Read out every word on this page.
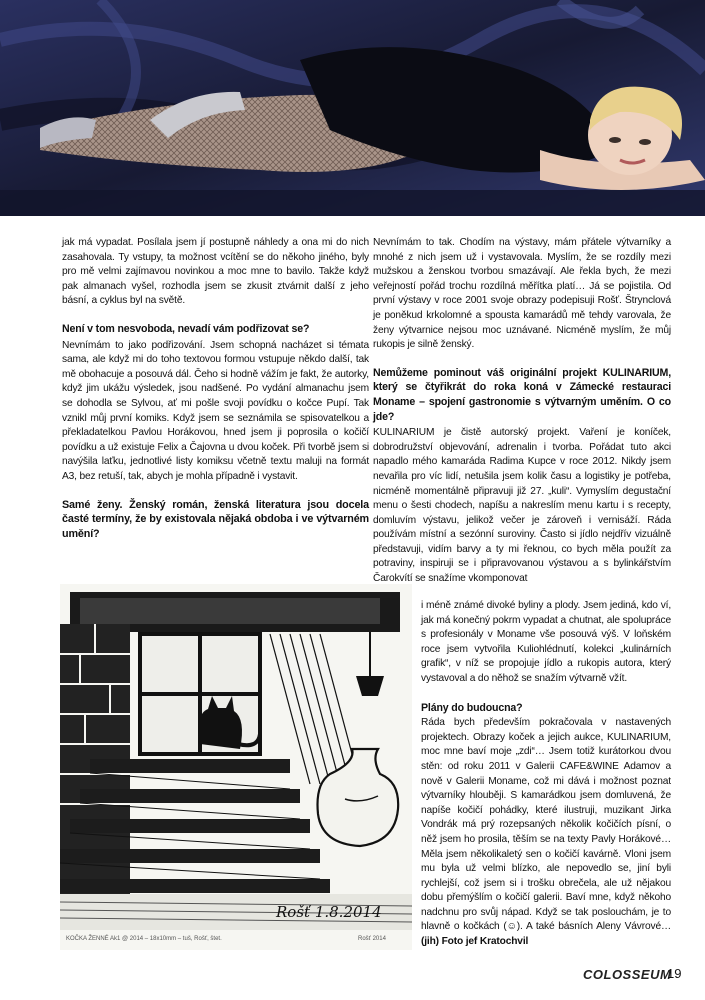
jak má vypadat. Posílala jsem jí postupně náhledy a ona mi do nich zasahovala. Ty vstupy, ta možnost vcítění se do někoho jiného, byly pro mě velmi zajímavou novinkou a moc mne to bavilo. Takže když pak almanach vyšel, rozhodla jsem se zkusit ztvárnit další z jeho básní, a cyklus byl na světě.

Není v tom nesvoboda, nevadí vám podřizovat se?

Nevnímám to jako podřizování. Jsem schopná nacházet si témata sama, ale když mi do toho textovou formou vstupuje někdo další, tak mě obohacuje a posouvá dál. Čeho si hodně vážím je fakt, že autorky, když jim ukážu výsledek, jsou nadšené. Po vydání almanachu jsem se dohodla se Sylvou, ať mi pošle svoji povídku o kočce Pupí. Tak vznikl můj první komiks. Když jsem se seznámila se spisovatelkou a překladatelkou Pavlou Horákovou, hned jsem ji poprosila o kočičí povídku a už existuje Felix a Čajovna u dvou koček. Při tvorbě jsem si navýšila laťku, jednotlivé listy komiksu včetně textu maluji na formát A3, bez retuší, tak, abych je mohla případně i vystavit.

Samé ženy. Ženský román, ženská literatura jsou docela časté termíny, že by existovala nějaká obdoba i ve výtvarném umění?

Nevnímám to tak. Chodím na výstavy, mám přátele výtvarníky a mnohé z nich jsem už i vystavovala. Myslím, že se rozdíly mezi mužskou a ženskou tvorbou smazávají. Ale řekla bych, že mezi veřejností pořád trochu rozdílná měřítka platí… Já se pojistila. Od první výstavy v roce 2001 svoje obrazy podepisuji Rošť. Štrynclová je poněkud krkolomné a spousta kamarádů mě tehdy varovala, že ženy výtvarnice nejsou moc uznávané. Nicméně myslím, že můj rukopis je silně ženský.

Nemůžeme pominout váš originální projekt KULINARIUM, který se čtyřikrát do roka koná v Zámecké restauraci Moname – spojení gastronomie s výtvarným uměním. O co jde?

KULINARIUM je čistě autorský projekt. Vaření je koníček, dobrodružství objevování, adrenalin i tvorba. Pořádat tuto akci napadlo mého kamaráda Radima Kupce v roce 2012. Nikdy jsem nevařila pro víc lidí, netušila jsem kolik času a logistiky je potřeba, nicméně momentálně připravuji již 27. „kuli“. Vymyslím degustační menu o šesti chodech, napíšu a nakreslím menu kartu i s recepty, domluvím výstavu, jelikož večer je zároveň i vernisáží. Ráda používám místní a sezónní suroviny. Často si jídlo nejdřív vizuálně představuji, vidím barvy a ty mi řeknou, co bych měla použít za potraviny, inspiruji se i připravovanou výstavou a s bylinkářstvím Čarokvítí se snažíme vkomponovat

i méně známé divoké byliny a plody. Jsem jediná, kdo ví, jak má konečný pokrm vypadat a chutnat, ale spolupráce s profesionály v Moname vše posouvá výš. V loňském roce jsem vytvořila Kuliohlédnutí, kolekci „kulinárních grafik“, v níž se propojuje jídlo a rukopis autora, který vystavoval a do něhož se snažím výtvarně vžít.

Plány do budoucna?

Ráda bych především pokračovala v nastavených projektech. Obrazy koček a jejich aukce, KULINARIUM, moc mne baví moje „zdi“… Jsem totiž kurátorkou dvou stěn: od roku 2011 v Galerii CAFE&WINE Adamov a nově v Galerii Moname, což mi dává i možnost poznat výtvarníky hlouběji. S kamarádkou jsem domluvená, že napíše kočičí pohádky, které ilustruji, muzikant Jirka Vondrák má prý rozepsaných několik kočičích písní, o něž jsem ho prosila, těším se na texty Pavly Horákové… Měla jsem několikaletý sen o kočičí kavárně. Vloni jsem mu byla už velmi blízko, ale nepovedlo se, jiní byli rychlejší, což jsem si i trošku obrečela, ale už nějakou dobu přemýšlím o kočičí galerii. Baví mne, když někoho nadchnu pro svůj nápad. Když se tak poslouchám, je to hlavně o kočkách (☺). A také básních Aleny Vávrové… (jih) Foto jef Kratochvil

Rošť 1.8.2014
KOČKA ŽENNÉ Ak1 @ 2014 – 18x10mm – tuš, Rošť, štet.	Rošť 2014
COLOSSEUM
19
